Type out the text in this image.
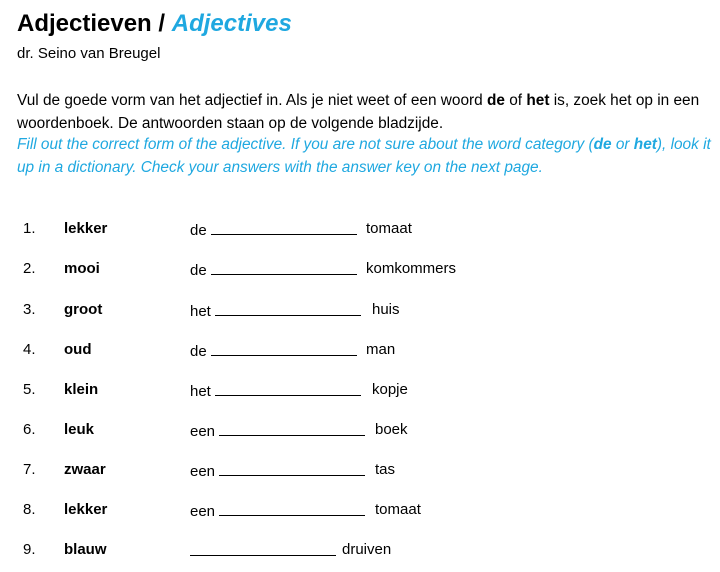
Adjectieven / Adjectives
dr. Seino van Breugel
Vul de goede vorm van het adjectief in. Als je niet weet of een woord de of het is, zoek het op in een woordenboek. De antwoorden staan op de volgende bladzijde.
Fill out the correct form of the adjective. If you are not sure about the word category (de or het), look it up in a dictionary. Check your answers with the answer key on the next page.
1. lekker	de	tomaat
2. mooi	de	komkommers
3. groot	het	huis
4. oud	de	man
5. klein	het	kopje
6. leuk	een	boek
7. zwaar	een	tas
8. lekker	een	tomaat
9. blauw	druiven
